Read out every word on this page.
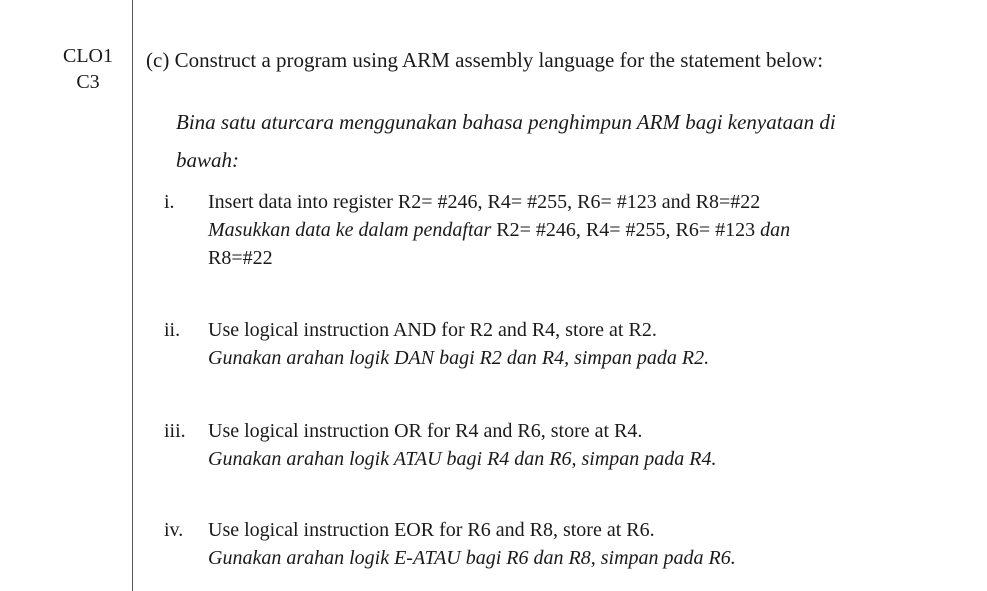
CLO1
C3
(c) Construct a program using ARM assembly language for the statement below:
Bina satu aturcara menggunakan bahasa penghimpun ARM bagi kenyataan di bawah:
i. Insert data into register R2= #246, R4= #255, R6= #123 and R8=#22
Masukkan data ke dalam pendaftar R2= #246, R4= #255, R6= #123 dan
R8=#22
ii. Use logical instruction AND for R2 and R4, store at R2.
Gunakan arahan logik DAN bagi R2 dan R4, simpan pada R2.
iii. Use logical instruction OR for R4 and R6, store at R4.
Gunakan arahan logik ATAU bagi R4 dan R6, simpan pada R4.
iv. Use logical instruction EOR for R6 and R8, store at R6.
Gunakan arahan logik E-ATAU bagi R6 dan R8, simpan pada R6.
